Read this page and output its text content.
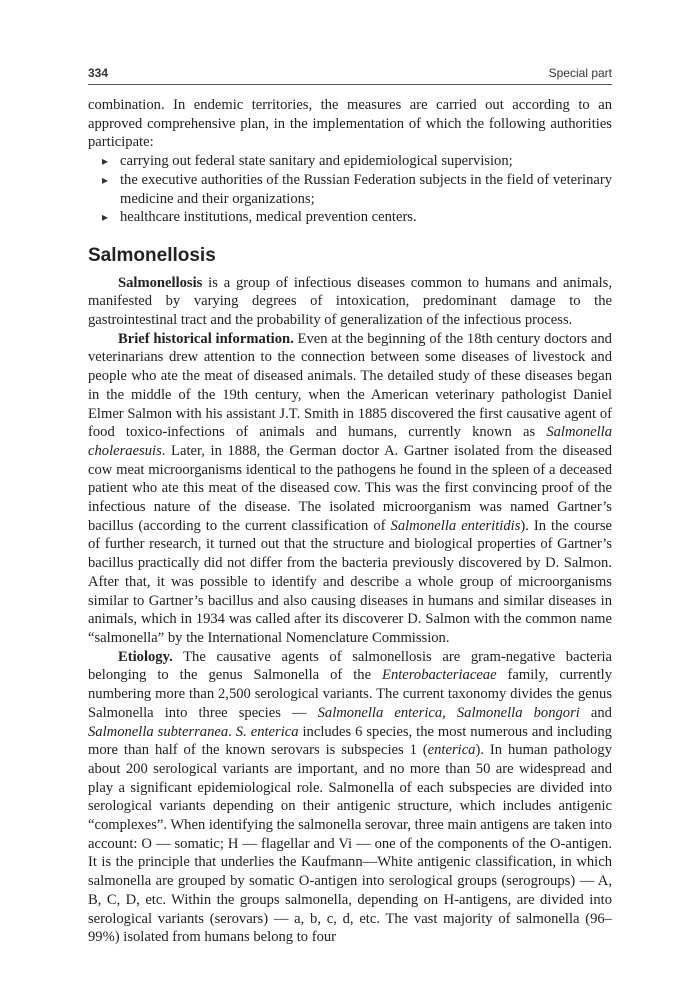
334	Special part

combination. In endemic territories, the measures are carried out according to an approved comprehensive plan, in the implementation of which the following authorities participate:

▸ carrying out federal state sanitary and epidemiological supervision;
▸ the executive authorities of the Russian Federation subjects in the field of veterinary medicine and their organizations;
▸ healthcare institutions, medical prevention centers.
Salmonellosis

Salmonellosis is a group of infectious diseases common to humans and animals, manifested by varying degrees of intoxication, predominant damage to the gastrointestinal tract and the probability of generalization of the infectious process.

Brief historical information. Even at the beginning of the 18th century doctors and veterinarians drew attention to the connection between some diseases of livestock and people who ate the meat of diseased animals. The detailed study of these diseases began in the middle of the 19th century, when the American veterinary pathologist Daniel Elmer Salmon with his assistant J.T. Smith in 1885 discovered the first causative agent of food toxico-infections of animals and humans, currently known as Salmonella choleraesuis. Later, in 1888, the German doctor A. Gartner isolated from the diseased cow meat microorganisms identical to the pathogens he found in the spleen of a deceased patient who ate this meat of the diseased cow. This was the first convincing proof of the infectious nature of the disease. The isolated microorganism was named Gartner’s bacillus (according to the current classification of Salmonella enteritidis). In the course of further research, it turned out that the structure and biological properties of Gartner’s bacillus practically did not differ from the bacteria previously discovered by D. Salmon. After that, it was possible to identify and describe a whole group of microorganisms similar to Gartner’s bacillus and also causing diseases in humans and similar diseases in animals, which in 1934 was called after its discoverer D. Salmon with the common name “salmonella” by the International Nomenclature Commission.

Etiology. The causative agents of salmonellosis are gram-negative bacteria belonging to the genus Salmonella of the Enterobacteriaceae family, currently numbering more than 2,500 serological variants. The current taxonomy divides the genus Salmonella into three species — Salmonella enterica, Salmonella bongori and Salmonella subterranea. S. enterica includes 6 species, the most numerous and including more than half of the known serovars is subspecies 1 (enterica). In human pathology about 200 serological variants are important, and no more than 50 are widespread and play a significant epidemiological role. Salmonella of each subspecies are divided into serological variants depending on their antigenic structure, which includes antigenic “complexes”. When identifying the salmonella serovar, three main antigens are taken into account: O — somatic; H — flagellar and Vi — one of the components of the O-antigen. It is the principle that underlies the Kaufmann—White antigenic classification, in which salmonella are grouped by somatic O-antigen into serological groups (serogroups) — A, B, C, D, etc. Within the groups salmonella, depending on H-antigens, are divided into serological variants (serovars) — a, b, c, d, etc. The vast majority of salmonella (96–99%) isolated from humans belong to four
